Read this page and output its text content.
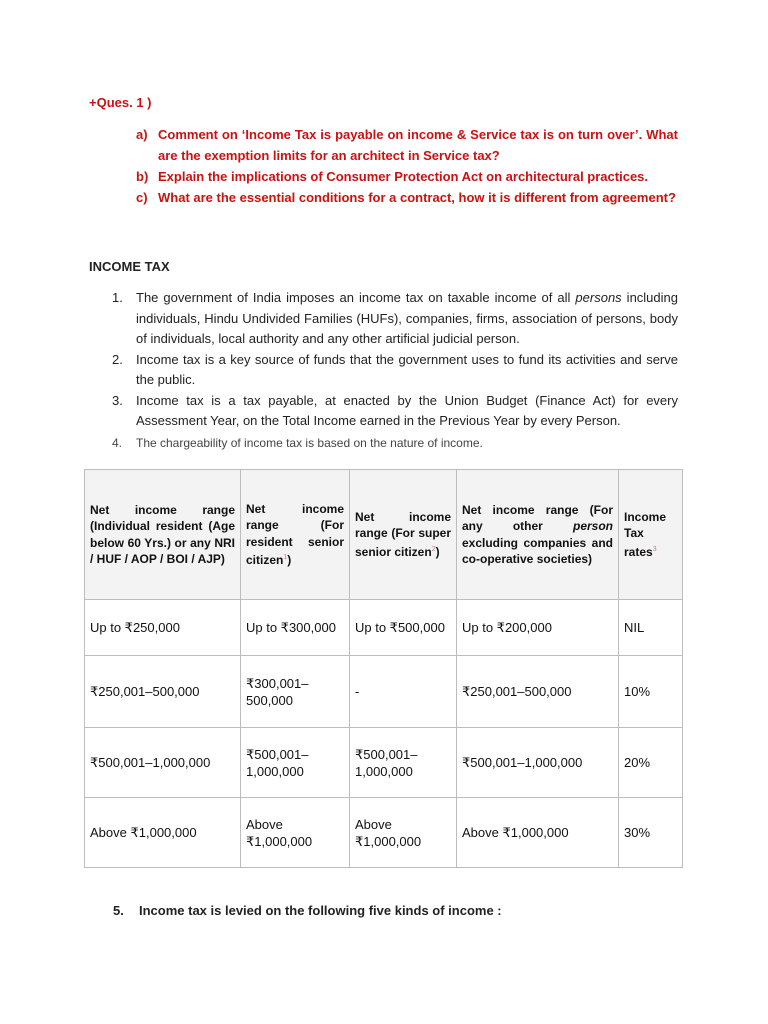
+Ques. 1 )
a) Comment on ‘Income Tax is payable on income & Service tax is on turn over’. What are the exemption limits for an architect in Service tax?
b) Explain the implications of Consumer Protection Act on architectural practices.
c) What are the essential conditions for a contract, how it is different from agreement?
INCOME TAX
1. The government of India imposes an income tax on taxable income of all persons including individuals, Hindu Undivided Families (HUFs), companies, firms, association of persons, body of individuals, local authority and any other artificial judicial person.
2. Income tax is a key source of funds that the government uses to fund its activities and serve the public.
3. Income tax is a tax payable, at enacted by the Union Budget (Finance Act) for every Assessment Year, on the Total Income earned in the Previous Year by every Person.
4. The chargeability of income tax is based on the nature of income.
Net income range (Individual resident (Age below 60 Yrs.) or any NRI / HUF / AOP / BOI / AJP)	Net income range (For resident senior citizen$^1$)	Net income range (For super senior citizen$^2$)	Net income range (For any other person excluding companies and co-operative societies)	Income Tax rates$^3$
Up to ₹250,000	Up to ₹300,000	Up to ₹500,000	Up to ₹200,000	NIL
₹250,001–500,000	₹300,001–500,000	-	₹250,001–500,000	10%
₹500,001–1,000,000	₹500,001–1,000,000	₹500,001–1,000,000	₹500,001–1,000,000	20%
Above ₹1,000,000	Above ₹1,000,000	Above ₹1,000,000	Above ₹1,000,000	30%
5. Income tax is levied on the following five kinds of income :
